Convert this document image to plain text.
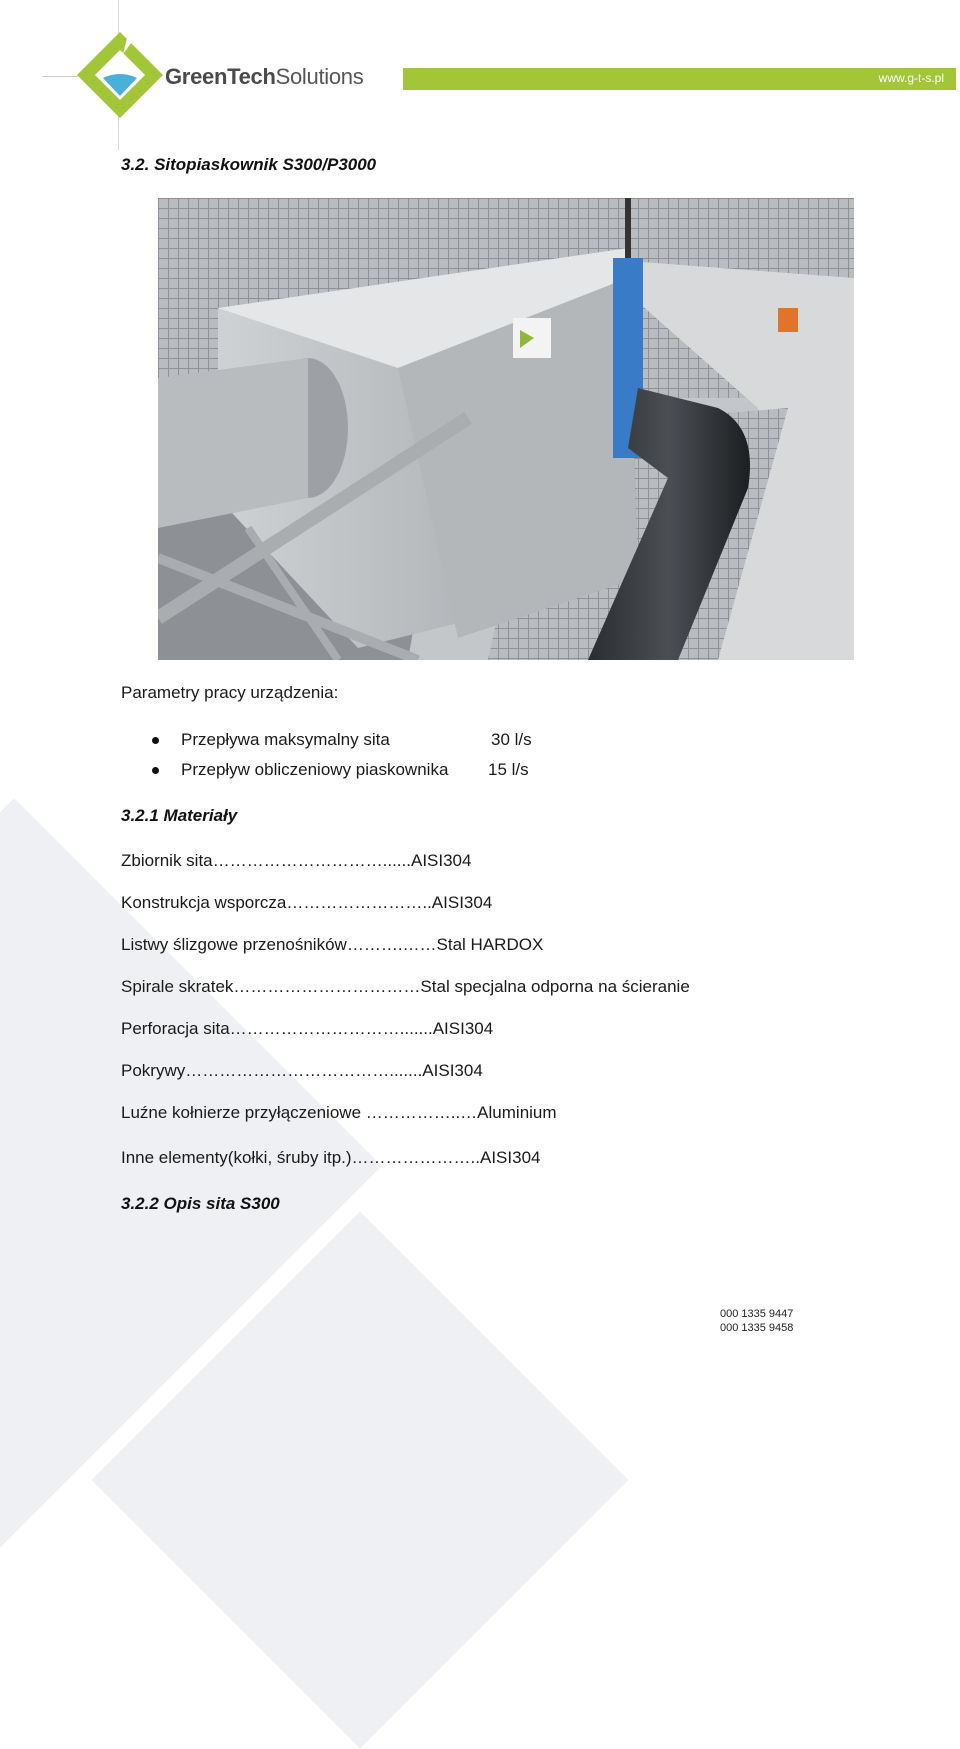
GreenTechSolutions	www.g-t-s.pl
3.2. Sitopiaskownik S300/P3000
Parametry pracy urządzenia:
Przepływa maksymalny sita	30 l/s
Przepływ obliczeniowy piaskownika 15 l/s
3.2.1 Materiały
Zbiornik sita…………………………......AISI304
Konstrukcja wsporcza……………………..AISI304
Listwy ślizgowe przenośników……….……Stal HARDOX
Spirale skratek……………………………Stal specjalna odporna na ścieranie
Perforacja sita………………………….......AISI304
Pokrywy……………………………….......AISI304
Luźne kołnierze przyłączeniowe ……………..…Aluminium
Inne elementy(kołki, śruby itp.)…………………..AISI304
3.2.2 Opis sita S300
000 1335 9447
000 1335 9458
